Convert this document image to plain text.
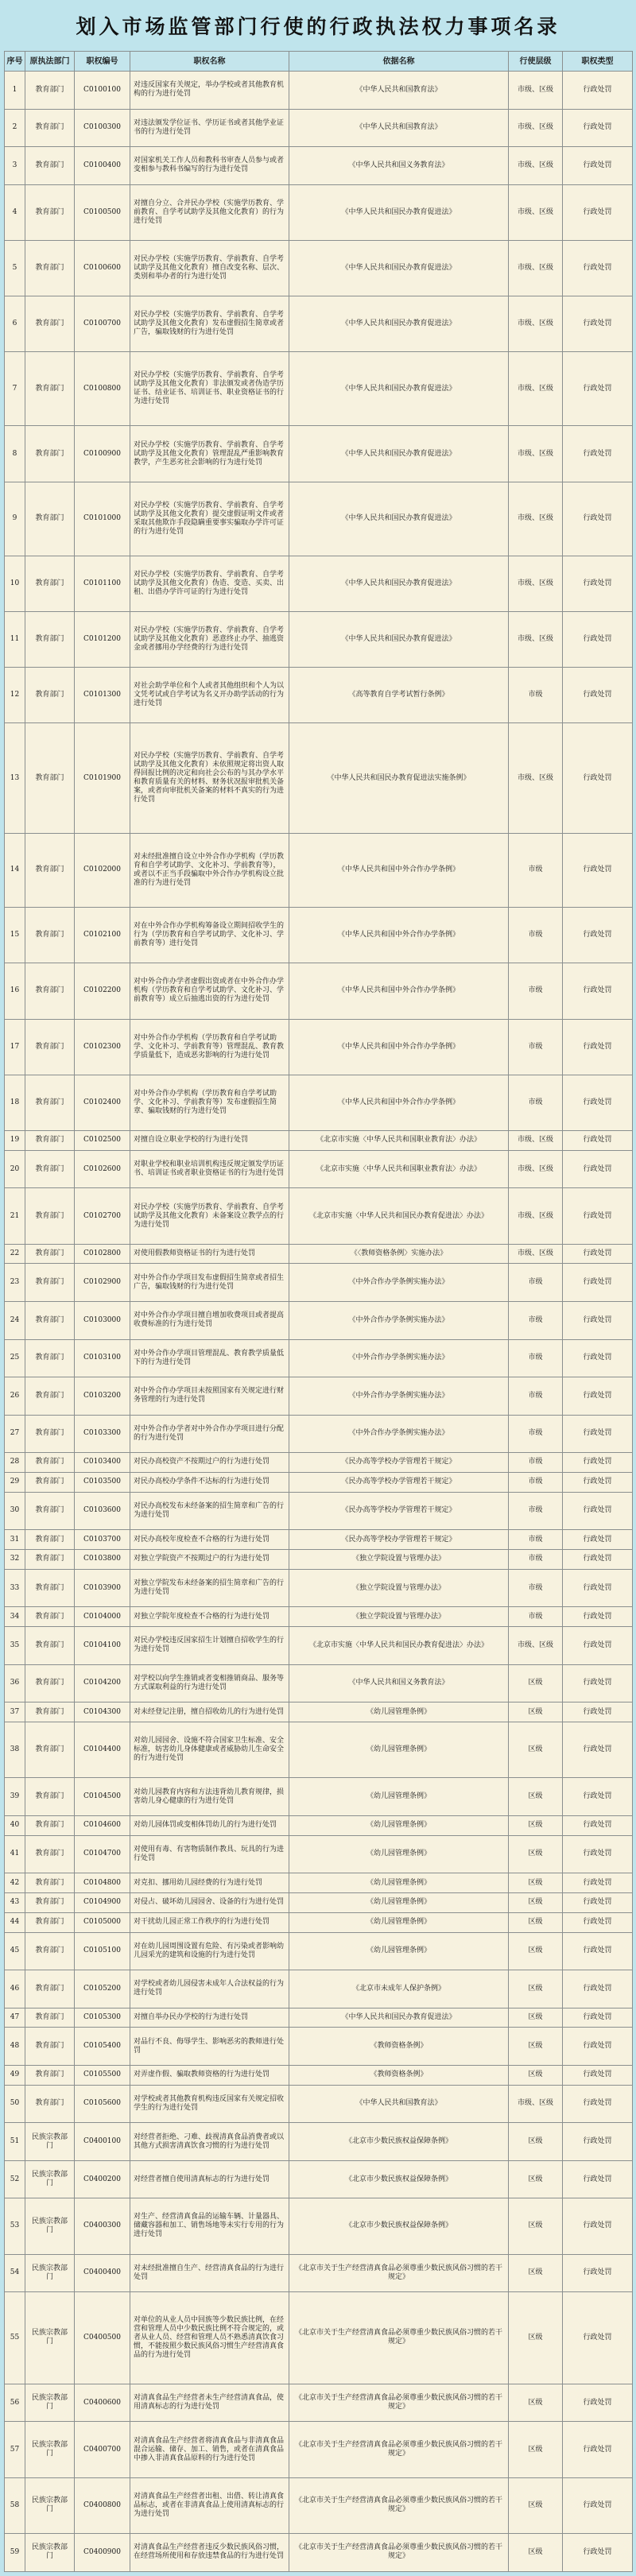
划入市场监管部门行使的行政执法权力事项名录
序号	原执法部门	职权编号	职权名称	依据名称	行使层级	职权类型
1	教育部门	C0100100	对违反国家有关规定，举办学校或者其他教育机构的行为进行处罚	《中华人民共和国教育法》	市级、区级	行政处罚
2	教育部门	C0100300	对违法颁发学位证书、学历证书或者其他学业证书的行为进行处罚	《中华人民共和国教育法》	市级、区级	行政处罚
3	教育部门	C0100400	对国家机关工作人员和教科书审查人员参与或者变相参与教科书编写的行为进行处罚	《中华人民共和国义务教育法》	市级、区级	行政处罚
4	教育部门	C0100500	对擅自分立、合并民办学校（实施学历教育、学前教育、自学考试助学及其他文化教育）的行为进行处罚	《中华人民共和国民办教育促进法》	市级、区级	行政处罚
5	教育部门	C0100600	对民办学校（实施学历教育、学前教育、自学考试助学及其他文化教育）擅自改变名称、层次、类别和举办者的行为进行处罚	《中华人民共和国民办教育促进法》	市级、区级	行政处罚
6	教育部门	C0100700	对民办学校（实施学历教育、学前教育、自学考试助学及其他文化教育）发布虚假招生简章或者广告，骗取钱财的行为进行处罚	《中华人民共和国民办教育促进法》	市级、区级	行政处罚
7	教育部门	C0100800	对民办学校（实施学历教育、学前教育、自学考试助学及其他文化教育）非法颁发或者伪造学历证书、结业证书、培训证书、职业资格证书的行为进行处罚	《中华人民共和国民办教育促进法》	市级、区级	行政处罚
8	教育部门	C0100900	对民办学校（实施学历教育、学前教育、自学考试助学及其他文化教育）管理混乱严重影响教育教学，产生恶劣社会影响的行为进行处罚	《中华人民共和国民办教育促进法》	市级、区级	行政处罚
9	教育部门	C0101000	对民办学校（实施学历教育、学前教育、自学考试助学及其他文化教育）提交虚假证明文件或者采取其他欺诈手段隐瞒重要事实骗取办学许可证的行为进行处罚	《中华人民共和国民办教育促进法》	市级、区级	行政处罚
10	教育部门	C0101100	对民办学校（实施学历教育、学前教育、自学考试助学及其他文化教育）伪造、变造、买卖、出租、出借办学许可证的行为进行处罚	《中华人民共和国民办教育促进法》	市级、区级	行政处罚
11	教育部门	C0101200	对民办学校（实施学历教育、学前教育、自学考试助学及其他文化教育）恶意终止办学、抽逃资金或者挪用办学经费的行为进行处罚	《中华人民共和国民办教育促进法》	市级、区级	行政处罚
12	教育部门	C0101300	对社会助学单位和个人或者其他组织和个人为以文凭考试或自学考试为名义开办助学活动的行为进行处罚	《高等教育自学考试暂行条例》	市级	行政处罚
13	教育部门	C0101900	对民办学校（实施学历教育、学前教育、自学考试助学及其他文化教育）未依照规定将出资人取得回报比例的决定和向社会公布的与其办学水平和教育质量有关的材料、财务状况报审批机关备案，或者向审批机关备案的材料不真实的行为进行处罚	《中华人民共和国民办教育促进法实施条例》	市级、区级	行政处罚
14	教育部门	C0102000	对未经批准擅自设立中外合作办学机构（学历教育和自学考试助学、文化补习、学前教育等），或者以不正当手段骗取中外合作办学机构设立批准的行为进行处罚	《中华人民共和国中外合作办学条例》	市级	行政处罚
15	教育部门	C0102100	对在中外合作办学机构筹备设立期间招收学生的行为（学历教育和自学考试助学、文化补习、学前教育等）进行处罚	《中华人民共和国中外合作办学条例》	市级	行政处罚
16	教育部门	C0102200	对中外合作办学者虚假出资或者在中外合作办学机构（学历教育和自学考试助学、文化补习、学前教育等）成立后抽逃出资的行为进行处罚	《中华人民共和国中外合作办学条例》	市级	行政处罚
17	教育部门	C0102300	对中外合作办学机构（学历教育和自学考试助学、文化补习、学前教育等）管理混乱、教育教学质量低下，造成恶劣影响的行为进行处罚	《中华人民共和国中外合作办学条例》	市级	行政处罚
18	教育部门	C0102400	对中外合作办学机构（学历教育和自学考试助学、文化补习、学前教育等）发布虚假招生简章、骗取钱财的行为进行处罚	《中华人民共和国中外合作办学条例》	市级	行政处罚
19	教育部门	C0102500	对擅自设立职业学校的行为进行处罚	《北京市实施〈中华人民共和国职业教育法〉办法》	市级、区级	行政处罚
20	教育部门	C0102600	对职业学校和职业培训机构违反规定颁发学历证书、培训证书或者职业资格证书的行为进行处罚	《北京市实施〈中华人民共和国职业教育法〉办法》	市级、区级	行政处罚
21	教育部门	C0102700	对民办学校（实施学历教育、学前教育、自学考试助学及其他文化教育）未备案设立教学点的行为进行处罚	《北京市实施〈中华人民共和国民办教育促进法〉办法》	市级、区级	行政处罚
22	教育部门	C0102800	对使用假教师资格证书的行为进行处罚	《〈教师资格条例〉实施办法》	市级、区级	行政处罚
23	教育部门	C0102900	对中外合作办学项目发布虚假招生简章或者招生广告，骗取钱财的行为进行处罚	《中外合作办学条例实施办法》	市级	行政处罚
24	教育部门	C0103000	对中外合作办学项目擅自增加收费项目或者提高收费标准的行为进行处罚	《中外合作办学条例实施办法》	市级	行政处罚
25	教育部门	C0103100	对中外合作办学项目管理混乱、教育教学质量低下的行为进行处罚	《中外合作办学条例实施办法》	市级	行政处罚
26	教育部门	C0103200	对中外合作办学项目未按照国家有关规定进行财务管理的行为进行处罚	《中外合作办学条例实施办法》	市级	行政处罚
27	教育部门	C0103300	对中外合作办学者对中外合作办学项目进行分配的行为进行处罚	《中外合作办学条例实施办法》	市级	行政处罚
28	教育部门	C0103400	对民办高校资产不按期过户的行为进行处罚	《民办高等学校办学管理若干规定》	市级	行政处罚
29	教育部门	C0103500	对民办高校办学条件不达标的行为进行处罚	《民办高等学校办学管理若干规定》	市级	行政处罚
30	教育部门	C0103600	对民办高校发布未经备案的招生简章和广告的行为进行处罚	《民办高等学校办学管理若干规定》	市级	行政处罚
31	教育部门	C0103700	对民办高校年度检查不合格的行为进行处罚	《民办高等学校办学管理若干规定》	市级	行政处罚
32	教育部门	C0103800	对独立学院资产不按期过户的行为进行处罚	《独立学院设置与管理办法》	市级	行政处罚
33	教育部门	C0103900	对独立学院发布未经备案的招生简章和广告的行为进行处罚	《独立学院设置与管理办法》	市级	行政处罚
34	教育部门	C0104000	对独立学院年度检查不合格的行为进行处罚	《独立学院设置与管理办法》	市级	行政处罚
35	教育部门	C0104100	对民办学校违反国家招生计划擅自招收学生的行为进行处罚	《北京市实施〈中华人民共和国民办教育促进法〉办法》	市级、区级	行政处罚
36	教育部门	C0104200	对学校以向学生推销或者变相推销商品、服务等方式谋取利益的行为进行处罚	《中华人民共和国义务教育法》	区级	行政处罚
37	教育部门	C0104300	对未经登记注册，擅自招收幼儿的行为进行处罚	《幼儿园管理条例》	区级	行政处罚
38	教育部门	C0104400	对幼儿园园舍、设施不符合国家卫生标准、安全标准，妨害幼儿身体健康或者威胁幼儿生命安全的行为进行处罚	《幼儿园管理条例》	区级	行政处罚
39	教育部门	C0104500	对幼儿园教育内容和方法违背幼儿教育规律，损害幼儿身心健康的行为进行处罚	《幼儿园管理条例》	区级	行政处罚
40	教育部门	C0104600	对幼儿园体罚或变相体罚幼儿的行为进行处罚	《幼儿园管理条例》	区级	行政处罚
41	教育部门	C0104700	对使用有毒、有害物质制作教具、玩具的行为进行处罚	《幼儿园管理条例》	区级	行政处罚
42	教育部门	C0104800	对克扣、挪用幼儿园经费的行为进行处罚	《幼儿园管理条例》	区级	行政处罚
43	教育部门	C0104900	对侵占、破坏幼儿园园舍、设备的行为进行处罚	《幼儿园管理条例》	区级	行政处罚
44	教育部门	C0105000	对干扰幼儿园正常工作秩序的行为进行处罚	《幼儿园管理条例》	区级	行政处罚
45	教育部门	C0105100	对在幼儿园周围设置有危险、有污染或者影响幼儿园采光的建筑和设施的行为进行处罚	《幼儿园管理条例》	区级	行政处罚
46	教育部门	C0105200	对学校或者幼儿园侵害未成年人合法权益的行为进行处罚	《北京市未成年人保护条例》	区级	行政处罚
47	教育部门	C0105300	对擅自举办民办学校的行为进行处罚	《中华人民共和国民办教育促进法》	区级	行政处罚
48	教育部门	C0105400	对品行不良、侮辱学生、影响恶劣的教师进行处罚	《教师资格条例》	区级	行政处罚
49	教育部门	C0105500	对弄虚作假、骗取教师资格的行为进行处罚	《教师资格条例》	区级	行政处罚
50	教育部门	C0105600	对学校或者其他教育机构违反国家有关规定招收学生的行为进行处罚	《中华人民共和国教育法》	市级、区级	行政处罚
51	民族宗教部门	C0400100	对经营者拒绝、刁难、歧视清真食品消费者或以其他方式损害清真饮食习惯的行为进行处罚	《北京市少数民族权益保障条例》	区级	行政处罚
52	民族宗教部门	C0400200	对经营者擅自使用清真标志的行为进行处罚	《北京市少数民族权益保障条例》	区级	行政处罚
53	民族宗教部门	C0400300	对生产、经营清真食品的运输车辆、计量器具、储藏容器和加工、销售场地等未实行专用的行为进行处罚	《北京市少数民族权益保障条例》	区级	行政处罚
54	民族宗教部门	C0400400	对未经批准擅自生产、经营清真食品的行为进行处罚	《北京市关于生产经营清真食品必须尊重少数民族风俗习惯的若干规定》	区级	行政处罚
55	民族宗教部门	C0400500	对单位的从业人员中回族等少数民族比例，在经营和管理人员中少数民族比例不符合规定的，或者从业人员、经营和管理人员不熟悉清真饮食习惯，不能按照少数民族风俗习惯生产经营清真食品的行为进行处罚	《北京市关于生产经营清真食品必须尊重少数民族风俗习惯的若干规定》	区级	行政处罚
56	民族宗教部门	C0400600	对清真食品生产经营者未生产经营清真食品，使用清真标志的行为进行处罚	《北京市关于生产经营清真食品必须尊重少数民族风俗习惯的若干规定》	区级	行政处罚
57	民族宗教部门	C0400700	对清真食品生产经营者将清真食品与非清真食品混合运输、储存、加工、销售，或者在清真食品中掺入非清真食品原料的行为进行处罚	《北京市关于生产经营清真食品必须尊重少数民族风俗习惯的若干规定》	区级	行政处罚
58	民族宗教部门	C0400800	对清真食品生产经营者出租、出借、转让清真食品标志，或者在非清真食品上使用清真标志的行为进行处罚	《北京市关于生产经营清真食品必须尊重少数民族风俗习惯的若干规定》	区级	行政处罚
59	民族宗教部门	C0400900	对清真食品生产经营者违反少数民族风俗习惯，在经营场所使用和存放违禁食品的行为进行处罚	《北京市关于生产经营清真食品必须尊重少数民族风俗习惯的若干规定》	区级	行政处罚
